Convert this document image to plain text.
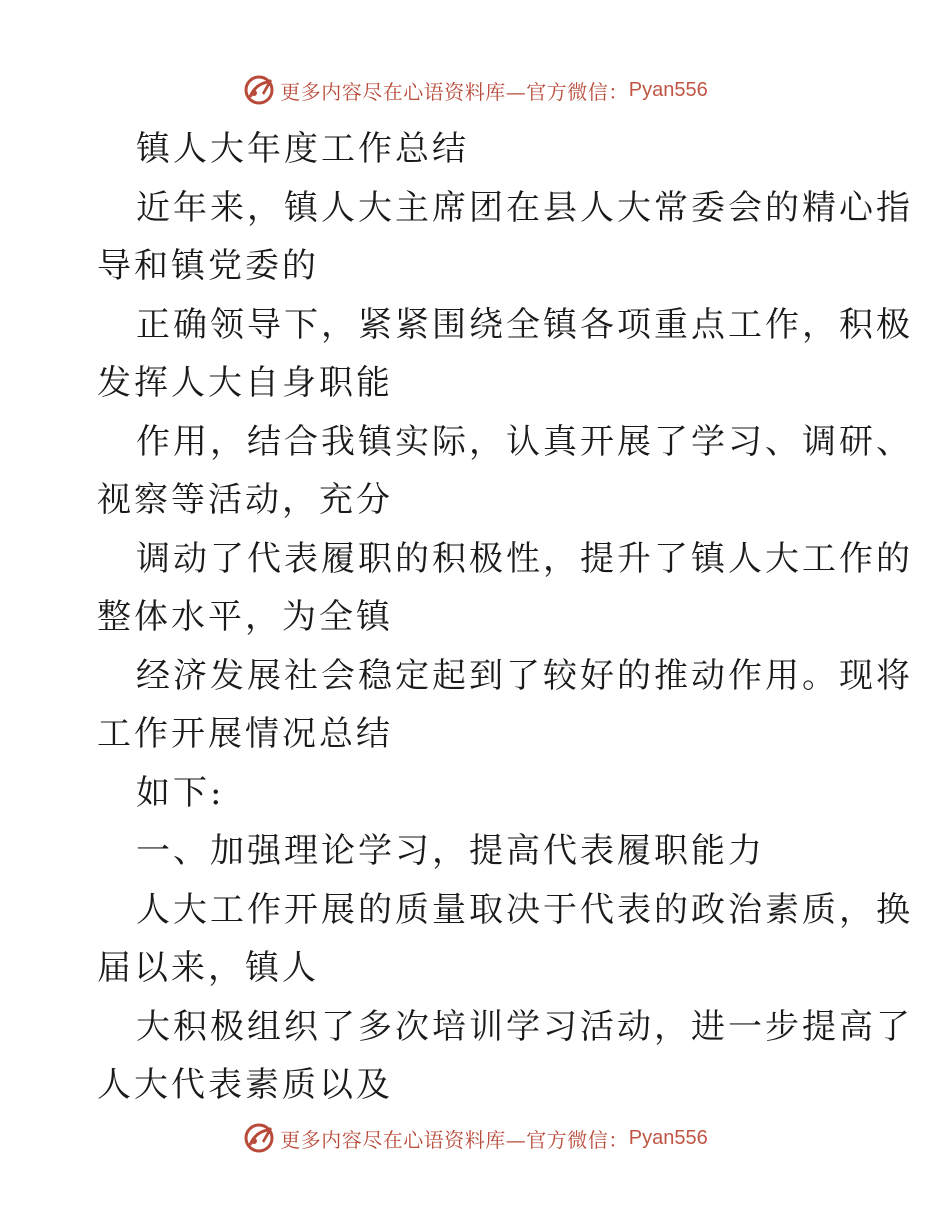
更多内容尽在心语资料库—官方微信： Pyan556
镇人大年度工作总结
近年来，镇人大主席团在县人大常委会的精心指
导和镇党委的
正确领导下，紧紧围绕全镇各项重点工作，积极
发挥人大自身职能
作用，结合我镇实际，认真开展了学习、调研、
视察等活动，充分
调动了代表履职的积极性，提升了镇人大工作的
整体水平，为全镇
经济发展社会稳定起到了较好的推动作用。现将
工作开展情况总结
如下:
一、加强理论学习，提高代表履职能力
人大工作开展的质量取决于代表的政治素质，换
届以来，镇人
大积极组织了多次培训学习活动，进一步提高了
人大代表素质以及
更多内容尽在心语资料库—官方微信： Pyan556
